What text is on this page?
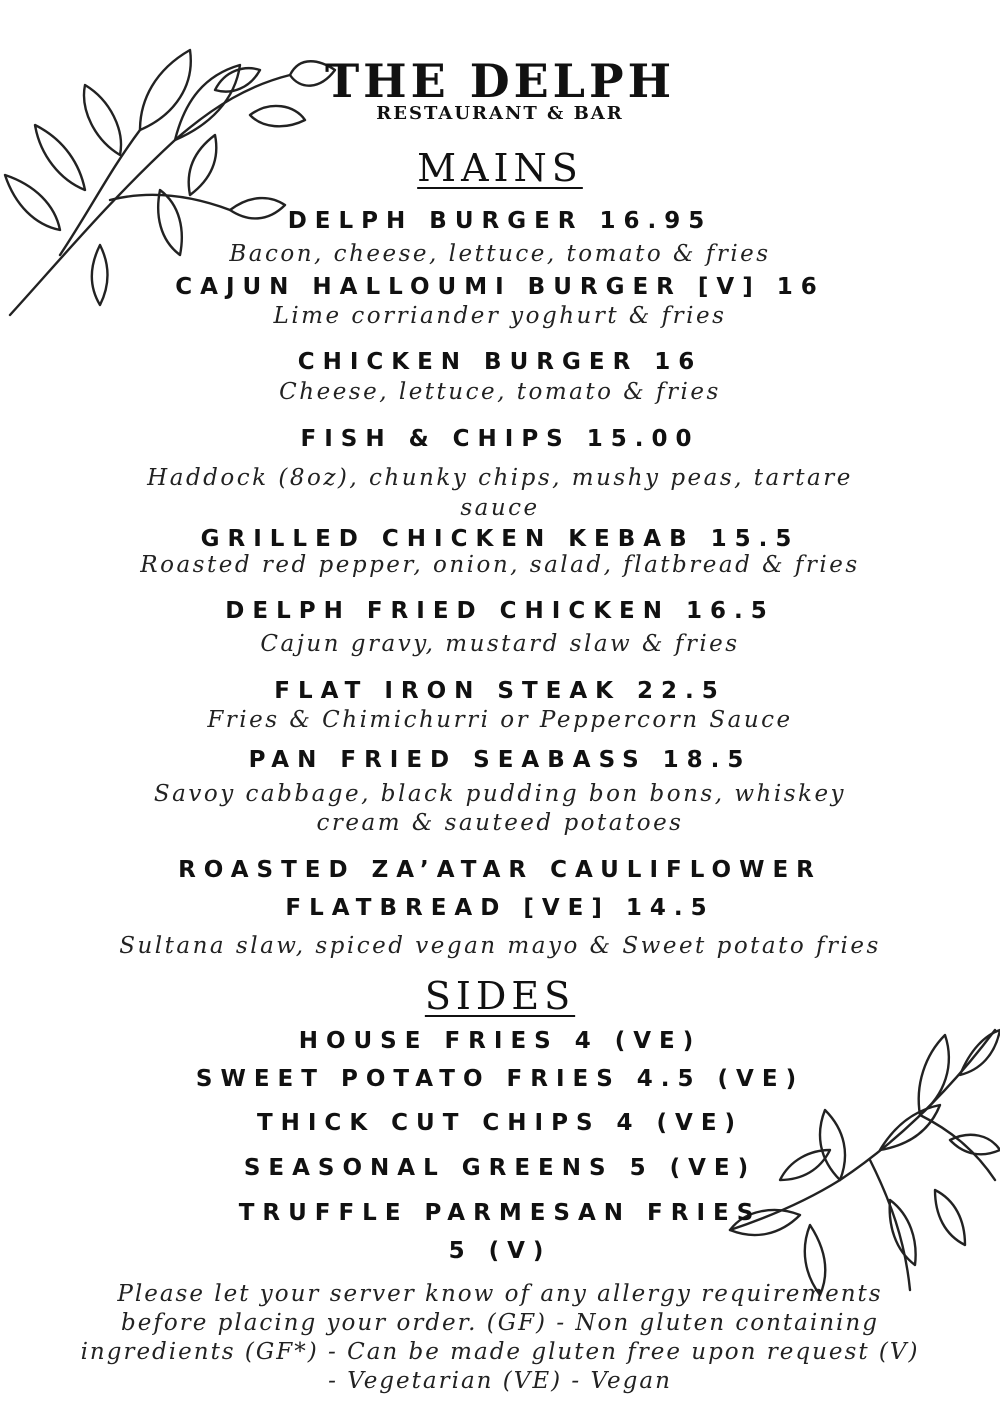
THE DELPH
RESTAURANT & BAR
MAINS
DELPH BURGER 16.95
Bacon, cheese, lettuce, tomato & fries
CAJUN HALLOUMI BURGER [V] 16
Lime corriander yoghurt & fries
CHICKEN BURGER 16
Cheese, lettuce, tomato & fries
FISH & CHIPS 15.00
Haddock (8oz), chunky chips, mushy peas, tartare
sauce
GRILLED CHICKEN KEBAB 15.5
Roasted red pepper, onion, salad, flatbread & fries
DELPH FRIED CHICKEN 16.5
Cajun gravy, mustard slaw & fries
FLAT IRON STEAK 22.5
Fries & Chimichurri or Peppercorn Sauce
PAN FRIED SEABASS 18.5
Savoy cabbage, black pudding bon bons, whiskey
cream & sauteed potatoes
ROASTED ZA’ATAR CAULIFLOWER
FLATBREAD [VE] 14.5
Sultana slaw, spiced vegan mayo & Sweet potato fries
SIDES
HOUSE FRIES 4 (VE)
SWEET POTATO FRIES 4.5 (VE)
THICK CUT CHIPS 4 (VE)
SEASONAL GREENS 5 (VE)
TRUFFLE PARMESAN FRIES
5 (V)
Please let your server know of any allergy requirements
before placing your order. (GF) - Non gluten containing
ingredients (GF*) - Can be made gluten free upon request (V)
- Vegetarian (VE) - Vegan
